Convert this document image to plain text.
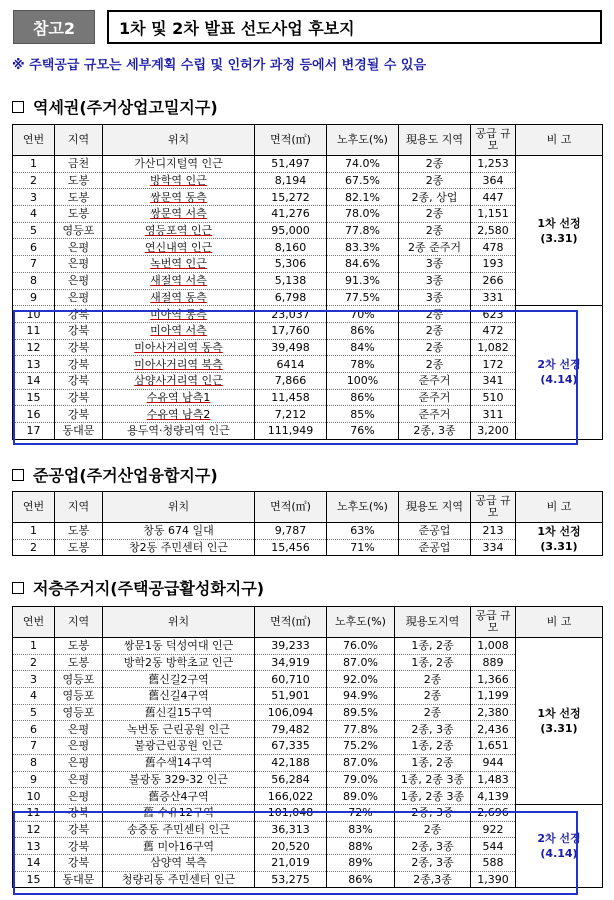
참고2	1차 및 2차 발표 선도사업 후보지
※ 주택공급 규모는 세부계획 수립 및 인허가 과정 등에서 변경될 수 있음
역세권(주거상업고밀지구)
연번	지역	위치	면적(㎡)	노후도(%)	現용도 지역	공급 규모	비 고
1	금천	가산디지털역 인근	51,497	74.0%	2종	1,253	1차 선정
(3.31)

2	도봉	방학역 인근	8,194	67.5%	2종	364	
3	도봉	쌍문역 동측	15,272	82.1%	2종, 상업	447	
4	도봉	쌍문역 서측	41,276	78.0%	2종	1,151	
5	영등포	영등포역 인근	95,000	77.8%	2종	2,580	
6	은평	연신내역 인근	8,160	83.3%	2종 준주거	478	
7	은평	녹번역 인근	5,306	84.6%	3종	193	
8	은평	새절역 서측	5,138	91.3%	3종	266	
9	은평	새절역 동측	6,798	77.5%	3종	331	
10	강북	미아역 동측	23,037	70%	2종	623	2차 선정
(4.14)

11	강북	미아역 서측	17,760	86%	2종	472	
12	강북	미아사거리역 동측	39,498	84%	2종	1,082	
13	강북	미아사거리역 북측	6414	78%	2종	172	
14	강북	삼양사거리역 인근	7,866	100%	준주거	341	
15	강북	수유역 남측1	11,458	86%	준주거	510	
16	강북	수유역 남측2	7,212	85%	준주거	311	
17	동대문	용두역·청량리역 인근	111,949	76%	2종, 3종	3,200	
준공업(주거산업융합지구)
연번	지역	위치	면적(㎡)	노후도(%)	現용도 지역	공급 규모	비 고
1	도봉	창동 674 일대	9,787	63%	준공업	213	1차 선정
(3.31)

2	도봉	창2동 주민센터 인근	15,456	71%	준공업	334	
저층주거지(주택공급활성화지구)
연번	지역	위치	면적(㎡)	노후도(%)	現용도지역	공급 규모	비 고
1	도봉	쌍문1동 덕성여대 인근	39,233	76.0%	1종, 2종	1,008	1차 선정
(3.31)

2	도봉	방학2동 방학초교 인근	34,919	87.0%	1종, 2종	889	
3	영등포	舊신길2구역	60,710	92.0%	2종	1,366	
4	영등포	舊신길4구역	51,901	94.9%	2종	1,199	
5	영등포	舊신길15구역	106,094	89.5%	2종	2,380	
6	은평	녹번동 근린공원 인근	79,482	77.8%	2종, 3종	2,436	
7	은평	불광근린공원 인근	67,335	75.2%	1종, 2종	1,651	
8	은평	舊수색14구역	42,188	87.0%	1종, 2종	944	
9	은평	불광동 329-32 인근	56,284	79.0%	1종, 2종 3종	1,483	
10	은평	舊증산4구역	166,022	89.0%	1종, 2종 3종	4,139	
11	강북	舊 수유12구역	101,048	72%	2종, 3종	2,696	2차 선정
(4.14)

12	강북	송중동 주민센터 인근	36,313	83%	2종	922	
13	강북	舊 미아16구역	20,520	88%	2종, 3종	544	
14	강북	삼양역 북측	21,019	89%	2종, 3종	588	
15	동대문	청량리동 주민센터 인근	53,275	86%	2종,3종	1,390	
